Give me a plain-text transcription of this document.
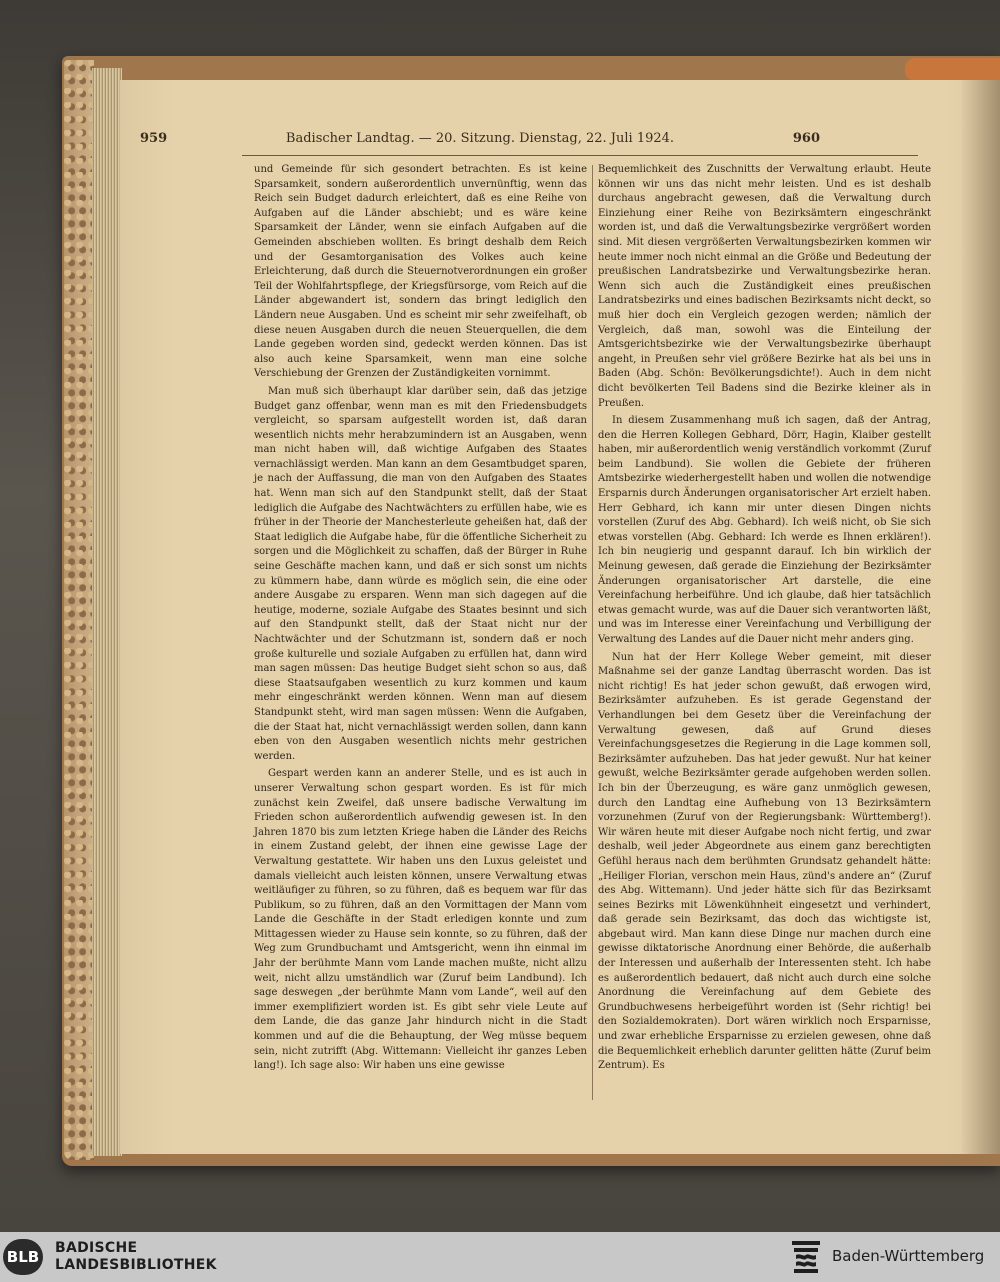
959	Badischer Landtag. — 20. Sitzung. Dienstag, 22. Juli 1924.	960

und Gemeinde für sich gesondert betrachten. Es ist keine Sparsamkeit, sondern außerordentlich unvernünftig, wenn das Reich sein Budget dadurch erleichtert, daß es eine Reihe von Aufgaben auf die Länder abschiebt; und es wäre keine Sparsamkeit der Länder, wenn sie einfach Aufgaben auf die Gemeinden abschieben wollten. Es bringt deshalb dem Reich und der Gesamtorganisation des Volkes auch keine Erleichterung, daß durch die Steuernotverordnungen ein großer Teil der Wohlfahrtspflege, der Kriegsfürsorge, vom Reich auf die Länder abgewandert ist, sondern das bringt lediglich den Ländern neue Ausgaben. Und es scheint mir sehr zweifelhaft, ob diese neuen Ausgaben durch die neuen Steuerquellen, die dem Lande gegeben worden sind, gedeckt werden können. Das ist also auch keine Sparsamkeit, wenn man eine solche Verschiebung der Grenzen der Zuständigkeiten vornimmt.

Man muß sich überhaupt klar darüber sein, daß das jetzige Budget ganz offenbar, wenn man es mit den Friedensbudgets vergleicht, so sparsam aufgestellt worden ist, daß daran wesentlich nichts mehr herabzumindern ist an Ausgaben, wenn man nicht haben will, daß wichtige Aufgaben des Staates vernachlässigt werden. Man kann an dem Gesamtbudget sparen, je nach der Auffassung, die man von den Aufgaben des Staates hat. Wenn man sich auf den Standpunkt stellt, daß der Staat lediglich die Aufgabe des Nachtwächters zu erfüllen habe, wie es früher in der Theorie der Manchesterleute geheißen hat, daß der Staat lediglich die Aufgabe habe, für die öffentliche Sicherheit zu sorgen und die Möglichkeit zu schaffen, daß der Bürger in Ruhe seine Geschäfte machen kann, und daß er sich sonst um nichts zu kümmern habe, dann würde es möglich sein, die eine oder andere Ausgabe zu ersparen. Wenn man sich dagegen auf die heutige, moderne, soziale Aufgabe des Staates besinnt und sich auf den Standpunkt stellt, daß der Staat nicht nur der Nachtwächter und der Schutzmann ist, sondern daß er noch große kulturelle und soziale Aufgaben zu erfüllen hat, dann wird man sagen müssen: Das heutige Budget sieht schon so aus, daß diese Staatsaufgaben wesentlich zu kurz kommen und kaum mehr eingeschränkt werden können. Wenn man auf diesem Standpunkt steht, wird man sagen müssen: Wenn die Aufgaben, die der Staat hat, nicht vernachlässigt werden sollen, dann kann eben von den Ausgaben wesentlich nichts mehr gestrichen werden.

Gespart werden kann an anderer Stelle, und es ist auch in unserer Verwaltung schon gespart worden. Es ist für mich zunächst kein Zweifel, daß unsere badische Verwaltung im Frieden schon außerordentlich aufwendig gewesen ist. In den Jahren 1870 bis zum letzten Kriege haben die Länder des Reichs in einem Zustand gelebt, der ihnen eine gewisse Lage der Verwaltung gestattete. Wir haben uns den Luxus geleistet und damals vielleicht auch leisten können, unsere Verwaltung etwas weitläufiger zu führen, so zu führen, daß es bequem war für das Publikum, so zu führen, daß an den Vormittagen der Mann vom Lande die Geschäfte in der Stadt erledigen konnte und zum Mittagessen wieder zu Hause sein konnte, so zu führen, daß der Weg zum Grundbuchamt und Amtsgericht, wenn ihn einmal im Jahr der berühmte Mann vom Lande machen mußte, nicht allzu weit, nicht allzu umständlich war (Zuruf beim Landbund). Ich sage deswegen „der berühmte Mann vom Lande“, weil auf den immer exemplifiziert worden ist. Es gibt sehr viele Leute auf dem Lande, die das ganze Jahr hindurch nicht in die Stadt kommen und auf die die Behauptung, der Weg müsse bequem sein, nicht zutrifft (Abg. Wittemann: Vielleicht ihr ganzes Leben lang!). Ich sage also: Wir haben uns eine gewisse

Bequemlichkeit des Zuschnitts der Verwaltung erlaubt. Heute können wir uns das nicht mehr leisten. Und es ist deshalb durchaus angebracht gewesen, daß die Verwaltung durch Einziehung einer Reihe von Bezirksämtern eingeschränkt worden ist, und daß die Verwaltungsbezirke vergrößert worden sind. Mit diesen vergrößerten Verwaltungsbezirken kommen wir heute immer noch nicht einmal an die Größe und Bedeutung der preußischen Landratsbezirke und Verwaltungsbezirke heran. Wenn sich auch die Zuständigkeit eines preußischen Landratsbezirks und eines badischen Bezirksamts nicht deckt, so muß hier doch ein Vergleich gezogen werden; nämlich der Vergleich, daß man, sowohl was die Einteilung der Amtsgerichtsbezirke wie der Verwaltungsbezirke überhaupt angeht, in Preußen sehr viel größere Bezirke hat als bei uns in Baden (Abg. Schön: Bevölkerungsdichte!). Auch in dem nicht dicht bevölkerten Teil Badens sind die Bezirke kleiner als in Preußen.

In diesem Zusammenhang muß ich sagen, daß der Antrag, den die Herren Kollegen Gebhard, Dörr, Hagin, Klaiber gestellt haben, mir außerordentlich wenig verständlich vorkommt (Zuruf beim Landbund). Sie wollen die Gebiete der früheren Amtsbezirke wiederhergestellt haben und wollen die notwendige Ersparnis durch Änderungen organisatorischer Art erzielt haben. Herr Gebhard, ich kann mir unter diesen Dingen nichts vorstellen (Zuruf des Abg. Gebhard). Ich weiß nicht, ob Sie sich etwas vorstellen (Abg. Gebhard: Ich werde es Ihnen erklären!). Ich bin neugierig und gespannt darauf. Ich bin wirklich der Meinung gewesen, daß gerade die Einziehung der Bezirksämter Änderungen organisatorischer Art darstelle, die eine Vereinfachung herbeiführe. Und ich glaube, daß hier tatsächlich etwas gemacht wurde, was auf die Dauer sich verantworten läßt, und was im Interesse einer Vereinfachung und Verbilligung der Verwaltung des Landes auf die Dauer nicht mehr anders ging.

Nun hat der Herr Kollege Weber gemeint, mit dieser Maßnahme sei der ganze Landtag überrascht worden. Das ist nicht richtig! Es hat jeder schon gewußt, daß erwogen wird, Bezirksämter aufzuheben. Es ist gerade Gegenstand der Verhandlungen bei dem Gesetz über die Vereinfachung der Verwaltung gewesen, daß auf Grund dieses Vereinfachungsgesetzes die Regierung in die Lage kommen soll, Bezirksämter aufzuheben. Das hat jeder gewußt. Nur hat keiner gewußt, welche Bezirksämter gerade aufgehoben werden sollen. Ich bin der Überzeugung, es wäre ganz unmöglich gewesen, durch den Landtag eine Aufhebung von 13 Bezirksämtern vorzunehmen (Zuruf von der Regierungsbank: Württemberg!). Wir wären heute mit dieser Aufgabe noch nicht fertig, und zwar deshalb, weil jeder Abgeordnete aus einem ganz berechtigten Gefühl heraus nach dem berühmten Grundsatz gehandelt hätte: „Heiliger Florian, verschon mein Haus, zünd's andere an“ (Zuruf des Abg. Wittemann). Und jeder hätte sich für das Bezirksamt seines Bezirks mit Löwenkühnheit eingesetzt und verhindert, daß gerade sein Bezirksamt, das doch das wichtigste ist, abgebaut wird. Man kann diese Dinge nur machen durch eine gewisse diktatorische Anordnung einer Behörde, die außerhalb der Interessen und außerhalb der Interessenten steht. Ich habe es außerordentlich bedauert, daß nicht auch durch eine solche Anordnung die Vereinfachung auf dem Gebiete des Grundbuchwesens herbeigeführt worden ist (Sehr richtig! bei den Sozialdemokraten). Dort wären wirklich noch Ersparnisse, und zwar erhebliche Ersparnisse zu erzielen gewesen, ohne daß die Bequemlichkeit erheblich darunter gelitten hätte (Zuruf beim Zentrum). Es

BLB BADISCHE
LANDESBIBLIOTHEK	Baden-Württemberg
